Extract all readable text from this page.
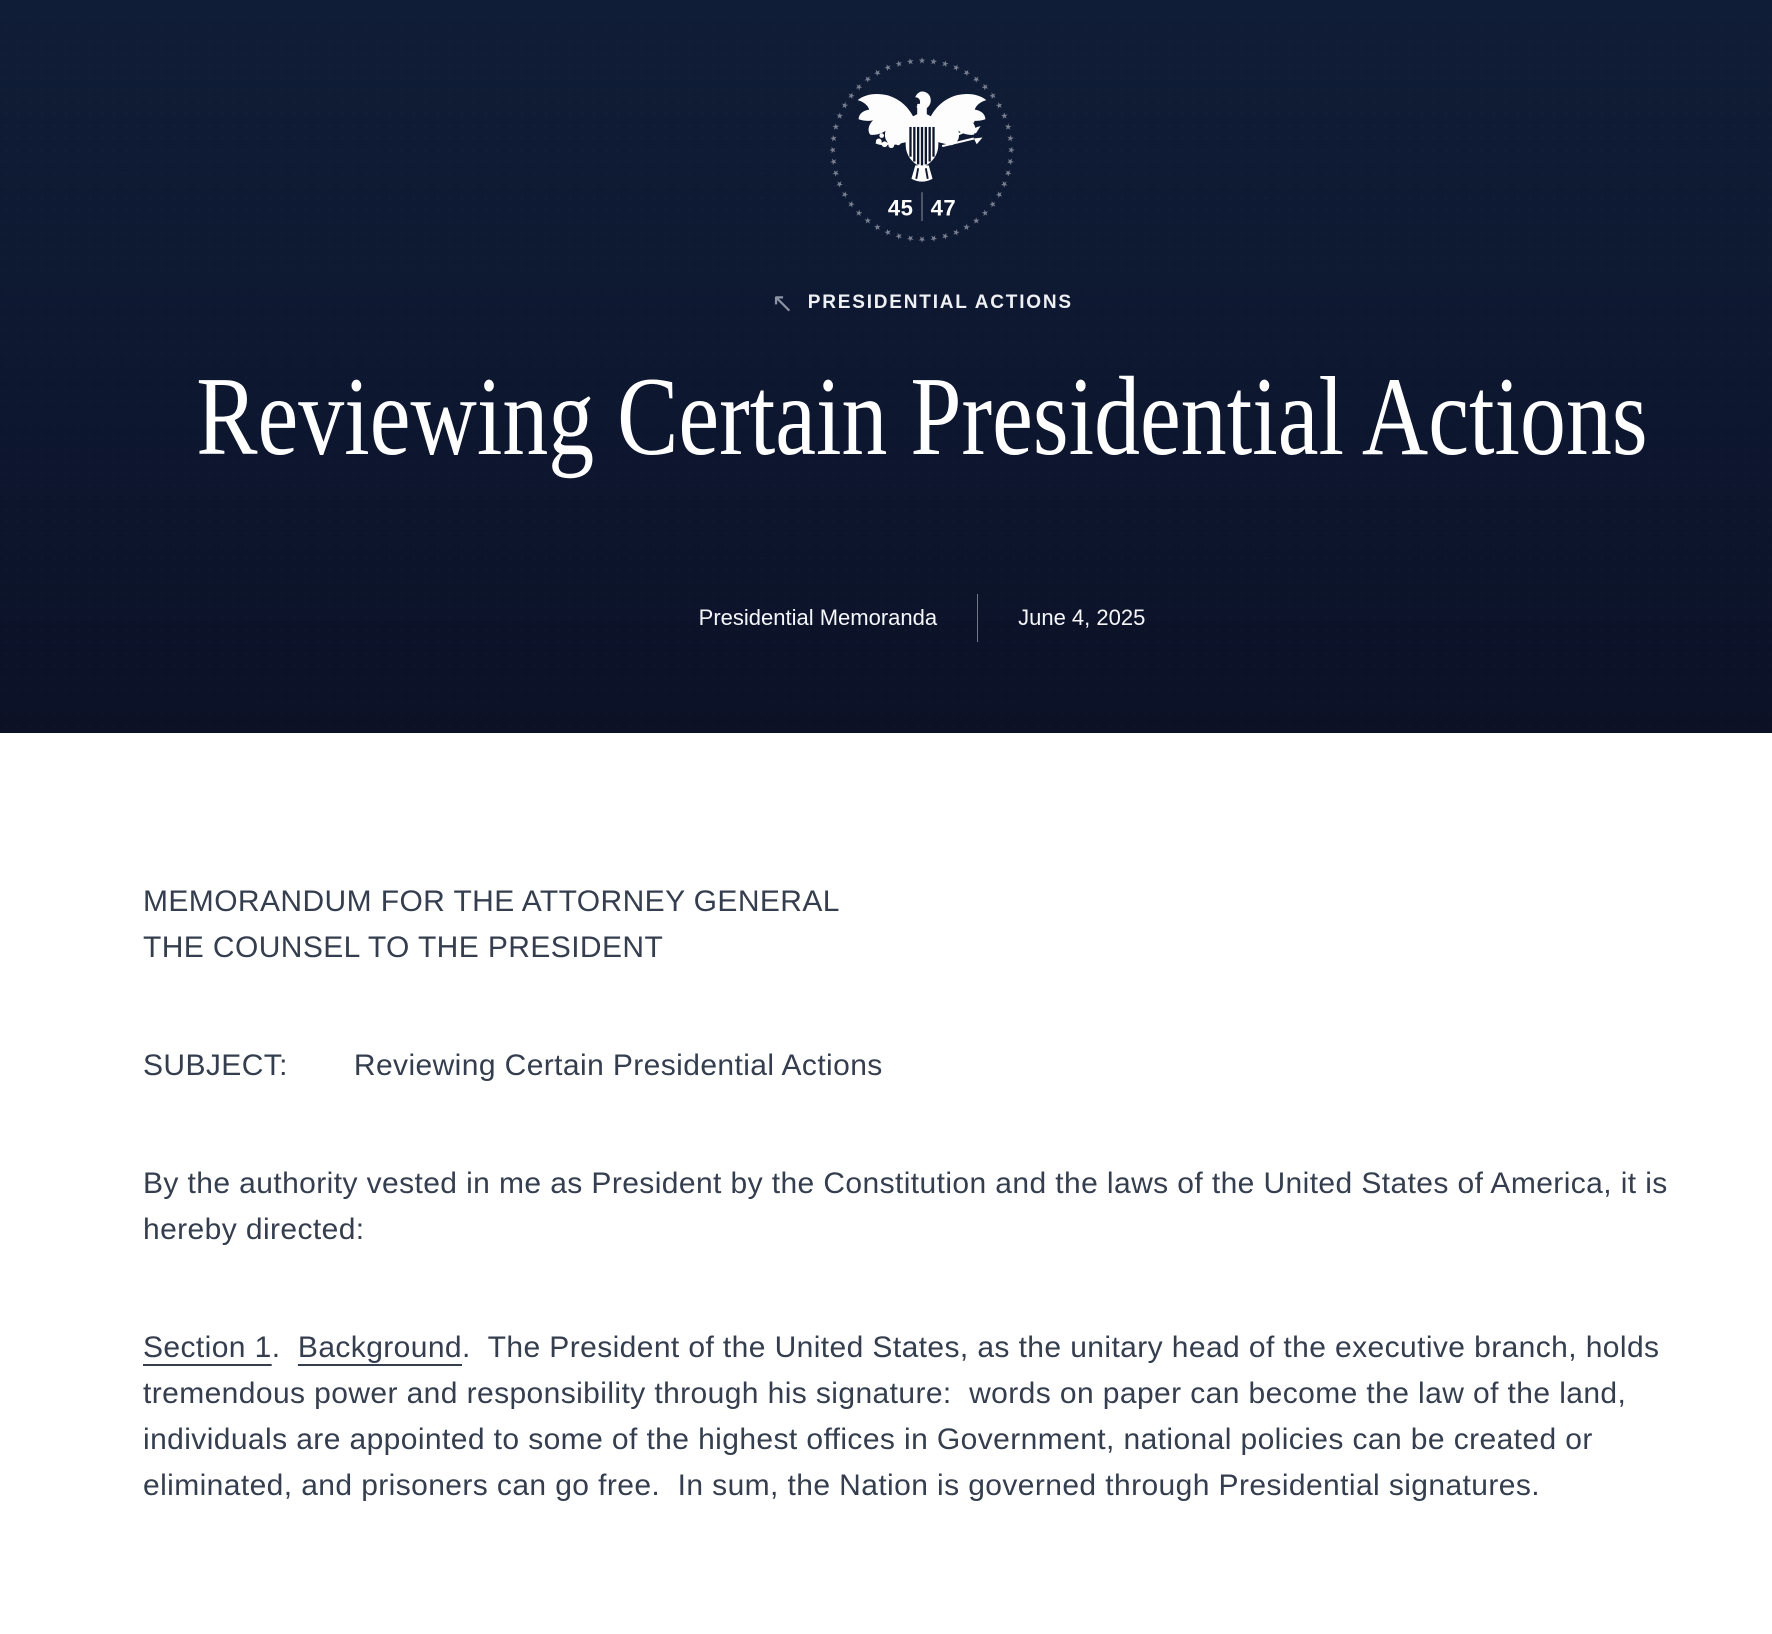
★ ★ ★ ★ ★
★
★
★
★
★
★
★
★
★
★
★
★
★
★
★
★
★
★
★
★
★
★
★
★
★
★
★
★
★
★
★
★
★
★
★
★
★
★
★
★ ★ ★ ★
45 47
↖ PRESIDENTIAL ACTIONS
Reviewing Certain Presidential Actions
Presidential Memoranda	June 4, 2025

MEMORANDUM FOR THE ATTORNEY GENERAL
THE COUNSEL TO THE PRESIDENT

SUBJECT: Reviewing Certain Presidential Actions

By the authority vested in me as President by the Constitution and the laws of the United States of America, it is hereby directed:

Section 1.  Background.  The President of the United States, as the unitary head of the executive branch, holds tremendous power and responsibility through his signature:  words on paper can become the law of the land, individuals are appointed to some of the highest offices in Government, national policies can be created or eliminated, and prisoners can go free.  In sum, the Nation is governed through Presidential signatures.
